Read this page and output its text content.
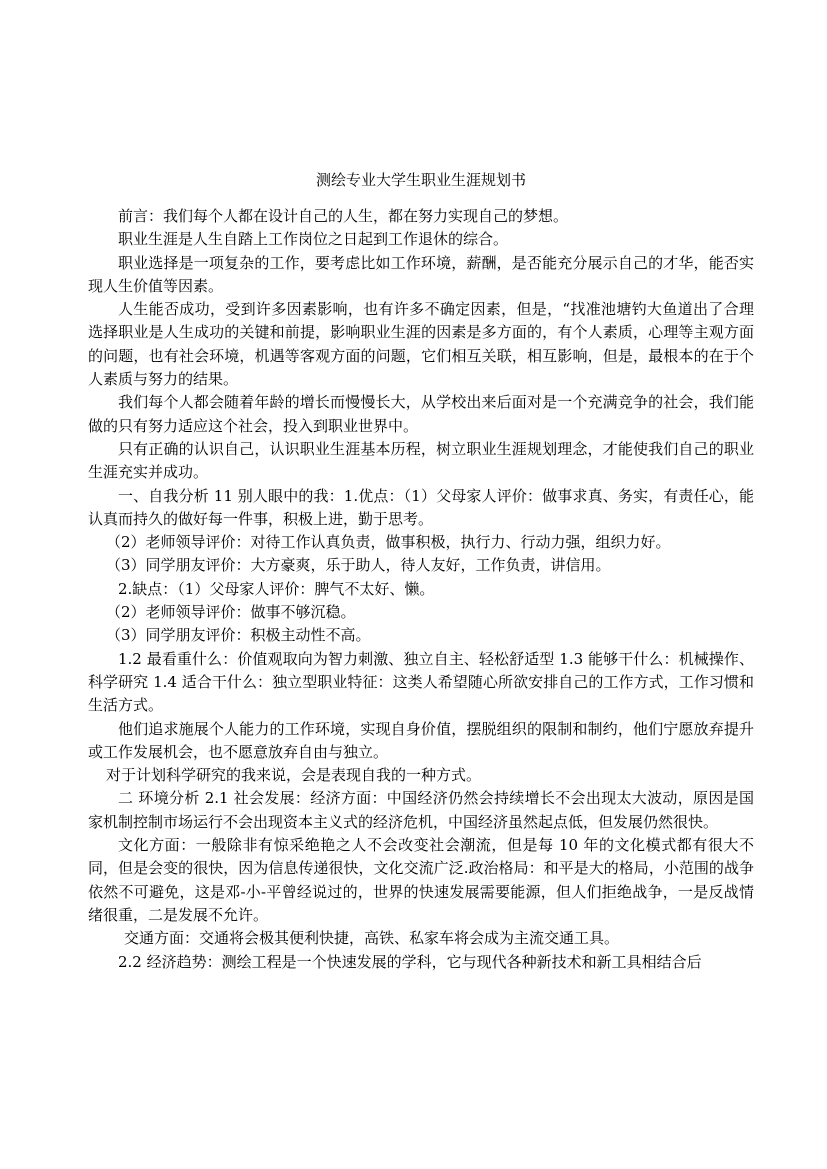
测绘专业大学生职业生涯规划书

前言：我们每个人都在设计自己的人生，都在努力实现自己的梦想。

职业生涯是人生自踏上工作岗位之日起到工作退休的综合。

职业选择是一项复杂的工作，要考虑比如工作环境，薪酬，是否能充分展示自己的才华，能否实现人生价值等因素。

人生能否成功，受到许多因素影响，也有许多不确定因素，但是，“找准池塘钓大鱼道出了合理选择职业是人生成功的关键和前提，影响职业生涯的因素是多方面的，有个人素质，心理等主观方面的问题，也有社会环境，机遇等客观方面的问题，它们相互关联，相互影响，但是，最根本的在于个人素质与努力的结果。

我们每个人都会随着年龄的增长而慢慢长大，从学校出来后面对是一个充满竞争的社会，我们能做的只有努力适应这个社会，投入到职业世界中。

只有正确的认识自己，认识职业生涯基本历程，树立职业生涯规划理念，才能使我们自己的职业生涯充实并成功。

一、自我分析 11 别人眼中的我：1.优点：（1）父母家人评价：做事求真、务实，有责任心，能认真而持久的做好每一件事，积极上进，勤于思考。

（2）老师领导评价：对待工作认真负责，做事积极，执行力、行动力强，组织力好。

（3）同学朋友评价：大方豪爽，乐于助人，待人友好，工作负责，讲信用。

2.缺点：（1）父母家人评价：脾气不太好、懒。

（2）老师领导评价：做事不够沉稳。

（3）同学朋友评价：积极主动性不高。

1.2 最看重什么：价值观取向为智力刺激、独立自主、轻松舒适型 1.3 能够干什么：机械操作、科学研究 1.4 适合干什么：独立型职业特征：这类人希望随心所欲安排自己的工作方式，工作习惯和生活方式。

他们追求施展个人能力的工作环境，实现自身价值，摆脱组织的限制和制约，他们宁愿放弃提升或工作发展机会，也不愿意放弃自由与独立。

对于计划科学研究的我来说，会是表现自我的一种方式。

二 环境分析 2.1 社会发展：经济方面：中国经济仍然会持续增长不会出现太大波动，原因是国家机制控制市场运行不会出现资本主义式的经济危机，中国经济虽然起点低，但发展仍然很快。

文化方面：一般除非有惊采绝艳之人不会改变社会潮流，但是每 10 年的文化模式都有很大不同，但是会变的很快，因为信息传递很快，文化交流广泛.政治格局：和平是大的格局，小范围的战争依然不可避免，这是邓-小-平曾经说过的，世界的快速发展需要能源，但人们拒绝战争，一是反战情绪很重，二是发展不允许。

交通方面：交通将会极其便利快捷，高铁、私家车将会成为主流交通工具。

2.2 经济趋势：测绘工程是一个快速发展的学科，它与现代各种新技术和新工具相结合后
